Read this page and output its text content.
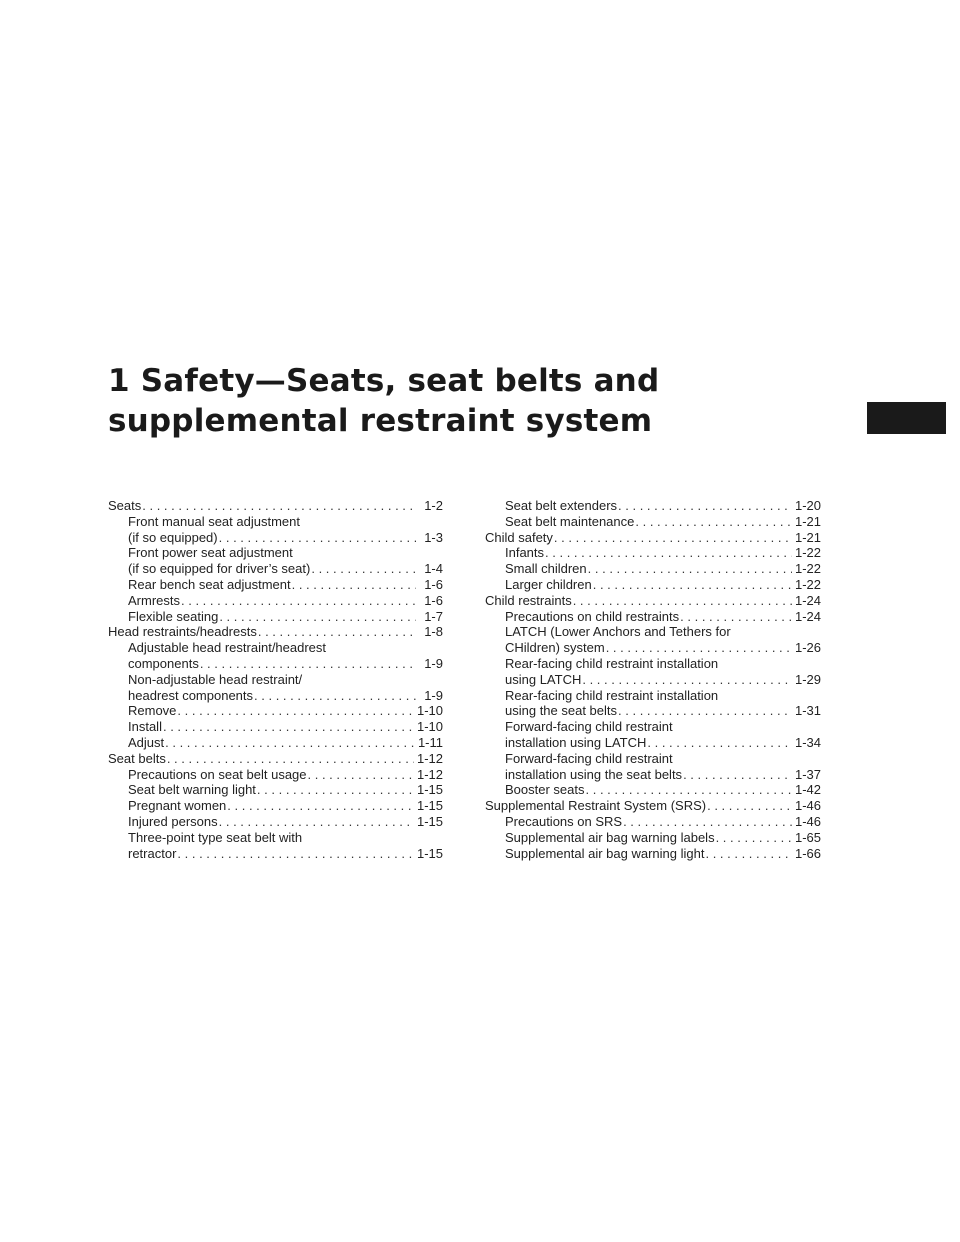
1 Safety—Seats, seat belts and
supplemental restraint system
Seats . . .	1-2
Front manual seat adjustment
(if so equipped) . . .	1-3
Front power seat adjustment
(if so equipped for driver’s seat) . . .	1-4
Rear bench seat adjustment . . .	1-6
Armrests . . .	1-6
Flexible seating . . .	1-7
Head restraints/headrests . . .	1-8
Adjustable head restraint/headrest
components . . .	1-9
Non-adjustable head restraint/
headrest components . . .	1-9
Remove . . .	1-10
Install . . .	1-10
Adjust . . .	1-11
Seat belts . . .	1-12
Precautions on seat belt usage . . .	1-12
Seat belt warning light . . .	1-15
Pregnant women . . .	1-15
Injured persons . . .	1-15
Three-point type seat belt with
retractor . . .	1-15
Seat belt extenders . . .	1-20
Seat belt maintenance . . .	1-21
Child safety . . .	1-21
Infants . . .	1-22
Small children . . .	1-22
Larger children . . .	1-22
Child restraints . . .	1-24
Precautions on child restraints . . .	1-24
LATCH (Lower Anchors and Tethers for
CHildren) system . . .	1-26
Rear-facing child restraint installation
using LATCH . . .	1-29
Rear-facing child restraint installation
using the seat belts . . .	1-31
Forward-facing child restraint
installation using LATCH . . .	1-34
Forward-facing child restraint
installation using the seat belts . . .	1-37
Booster seats . . .	1-42
Supplemental Restraint System (SRS) . . .	1-46
Precautions on SRS . . .	1-46
Supplemental air bag warning labels . . .	1-65
Supplemental air bag warning light . . .	1-66
